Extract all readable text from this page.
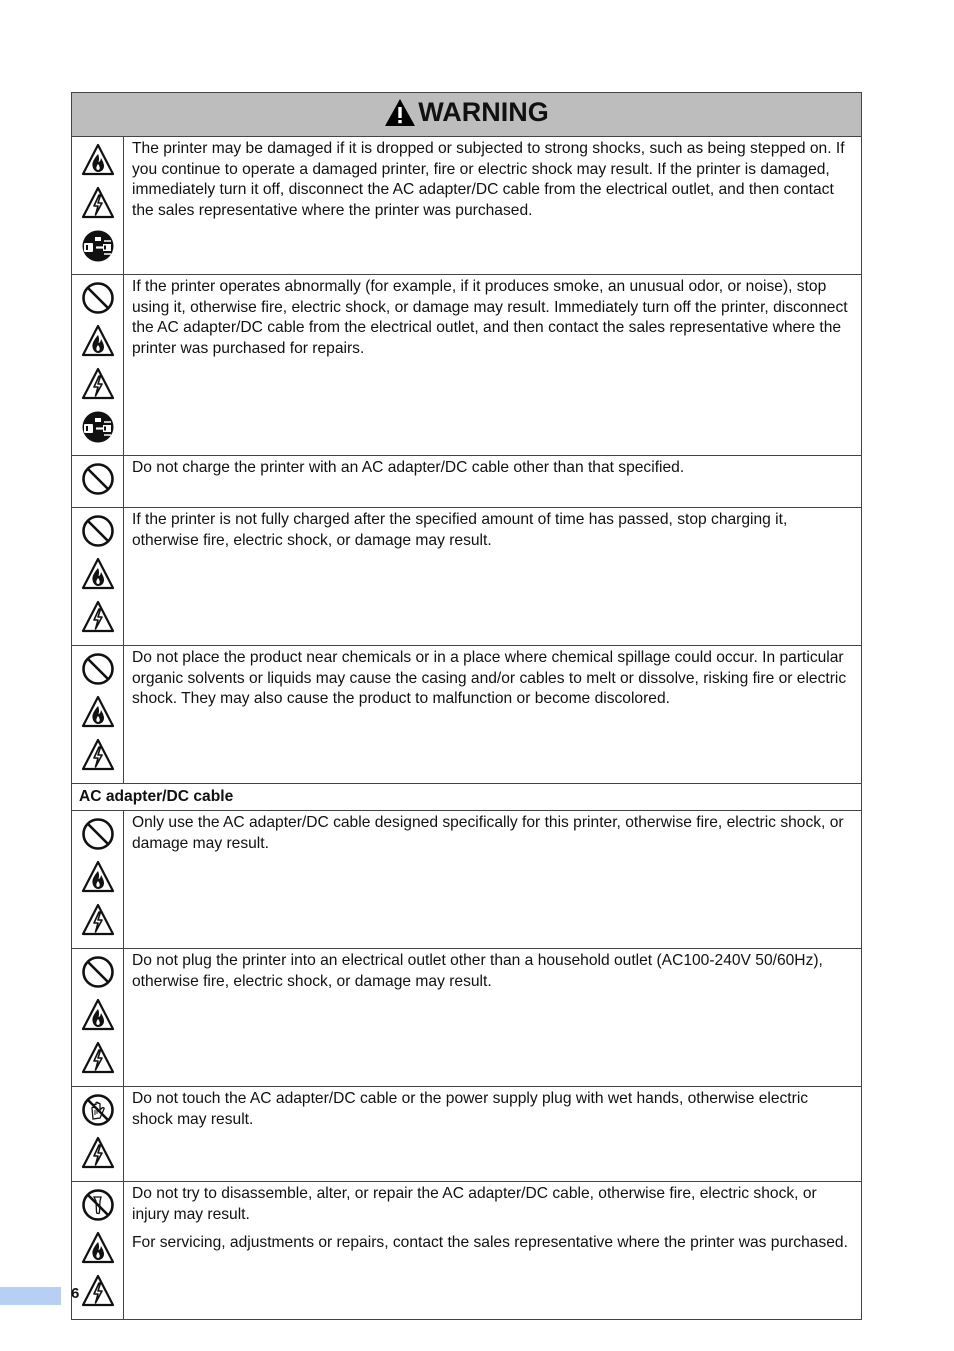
WARNING	

The printer may be damaged if it is dropped or subjected to strong shocks, such as being stepped on. If you continue to operate a damaged printer, fire or electric shock may result. If the printer is damaged, immediately turn it off, disconnect the AC adapter/DC cable from the electrical outlet, and then contact the sales representative where the printer was purchased.

If the printer operates abnormally (for example, if it produces smoke, an unusual odor, or noise), stop using it, otherwise fire, electric shock, or damage may result. Immediately turn off the printer, disconnect the AC adapter/DC cable from the electrical outlet, and then contact the sales representative where the printer was purchased for repairs.

Do not charge the printer with an AC adapter/DC cable other than that specified.

If the printer is not fully charged after the specified amount of time has passed, stop charging it, otherwise fire, electric shock, or damage may result.

Do not place the product near chemicals or in a place where chemical spillage could occur. In particular organic solvents or liquids may cause the casing and/or cables to melt or dissolve, risking fire or electric shock. They may also cause the product to malfunction or become discolored.

AC adapter/DC cable	

Only use the AC adapter/DC cable designed specifically for this printer, otherwise fire, electric shock, or damage may result.

Do not plug the printer into an electrical outlet other than a household outlet (AC100-240V 50/60Hz), otherwise fire, electric shock, or damage may result.

Do not touch the AC adapter/DC cable or the power supply plug with wet hands, otherwise electric shock may result.

Do not try to disassemble, alter, or repair the AC adapter/DC cable, otherwise fire, electric shock, or injury may result.

For servicing, adjustments or repairs, contact the sales representative where the printer was purchased.

6
